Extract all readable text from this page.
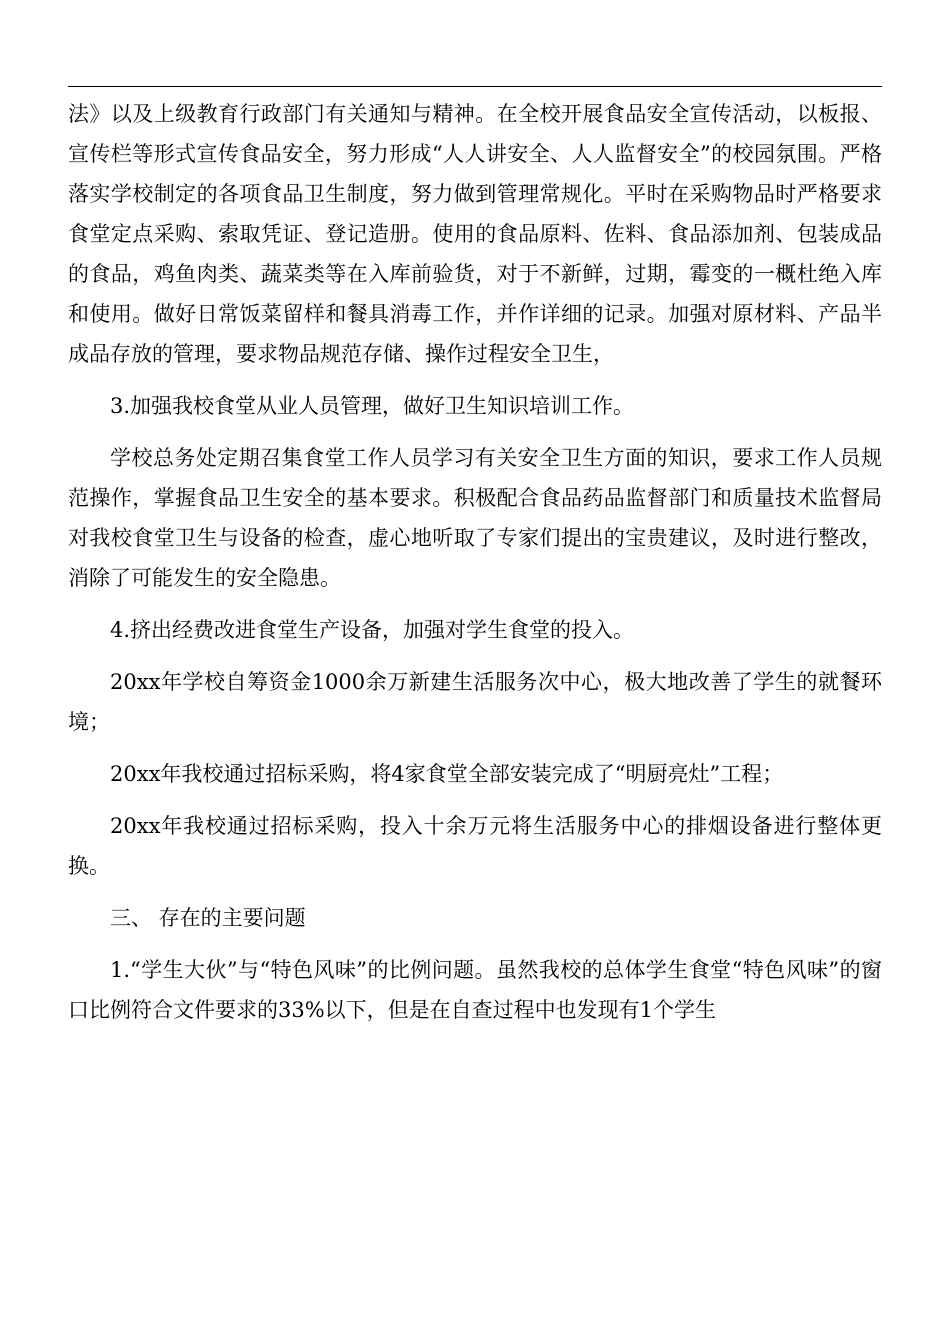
法》以及上级教育行政部门有关通知与精神。在全校开展食品安全宣传活动，以板报、宣传栏等形式宣传食品安全，努力形成“人人讲安全、人人监督安全”的校园氛围。严格落实学校制定的各项食品卫生制度，努力做到管理常规化。平时在采购物品时严格要求食堂定点采购、索取凭证、登记造册。使用的食品原料、佐料、食品添加剂、包装成品的食品，鸡鱼肉类、蔬菜类等在入库前验货，对于不新鲜，过期，霉变的一概杜绝入库和使用。做好日常饭菜留样和餐具消毒工作，并作详细的记录。加强对原材料、产品半成品存放的管理，要求物品规范存储、操作过程安全卫生，

3.加强我校食堂从业人员管理，做好卫生知识培训工作。

学校总务处定期召集食堂工作人员学习有关安全卫生方面的知识，要求工作人员规范操作，掌握食品卫生安全的基本要求。积极配合食品药品监督部门和质量技术监督局对我校食堂卫生与设备的检查，虚心地听取了专家们提出的宝贵建议，及时进行整改，消除了可能发生的安全隐患。

4.挤出经费改进食堂生产设备，加强对学生食堂的投入。

20xx年学校自筹资金1000余万新建生活服务次中心，极大地改善了学生的就餐环境；

20xx年我校通过招标采购，将4家食堂全部安装完成了“明厨亮灶”工程；

20xx年我校通过招标采购，投入十余万元将生活服务中心的排烟设备进行整体更换。

三、 存在的主要问题

1.“学生大伙”与“特色风味”的比例问题。虽然我校的总体学生食堂“特色风味”的窗口比例符合文件要求的33%以下，但是在自查过程中也发现有1个学生
